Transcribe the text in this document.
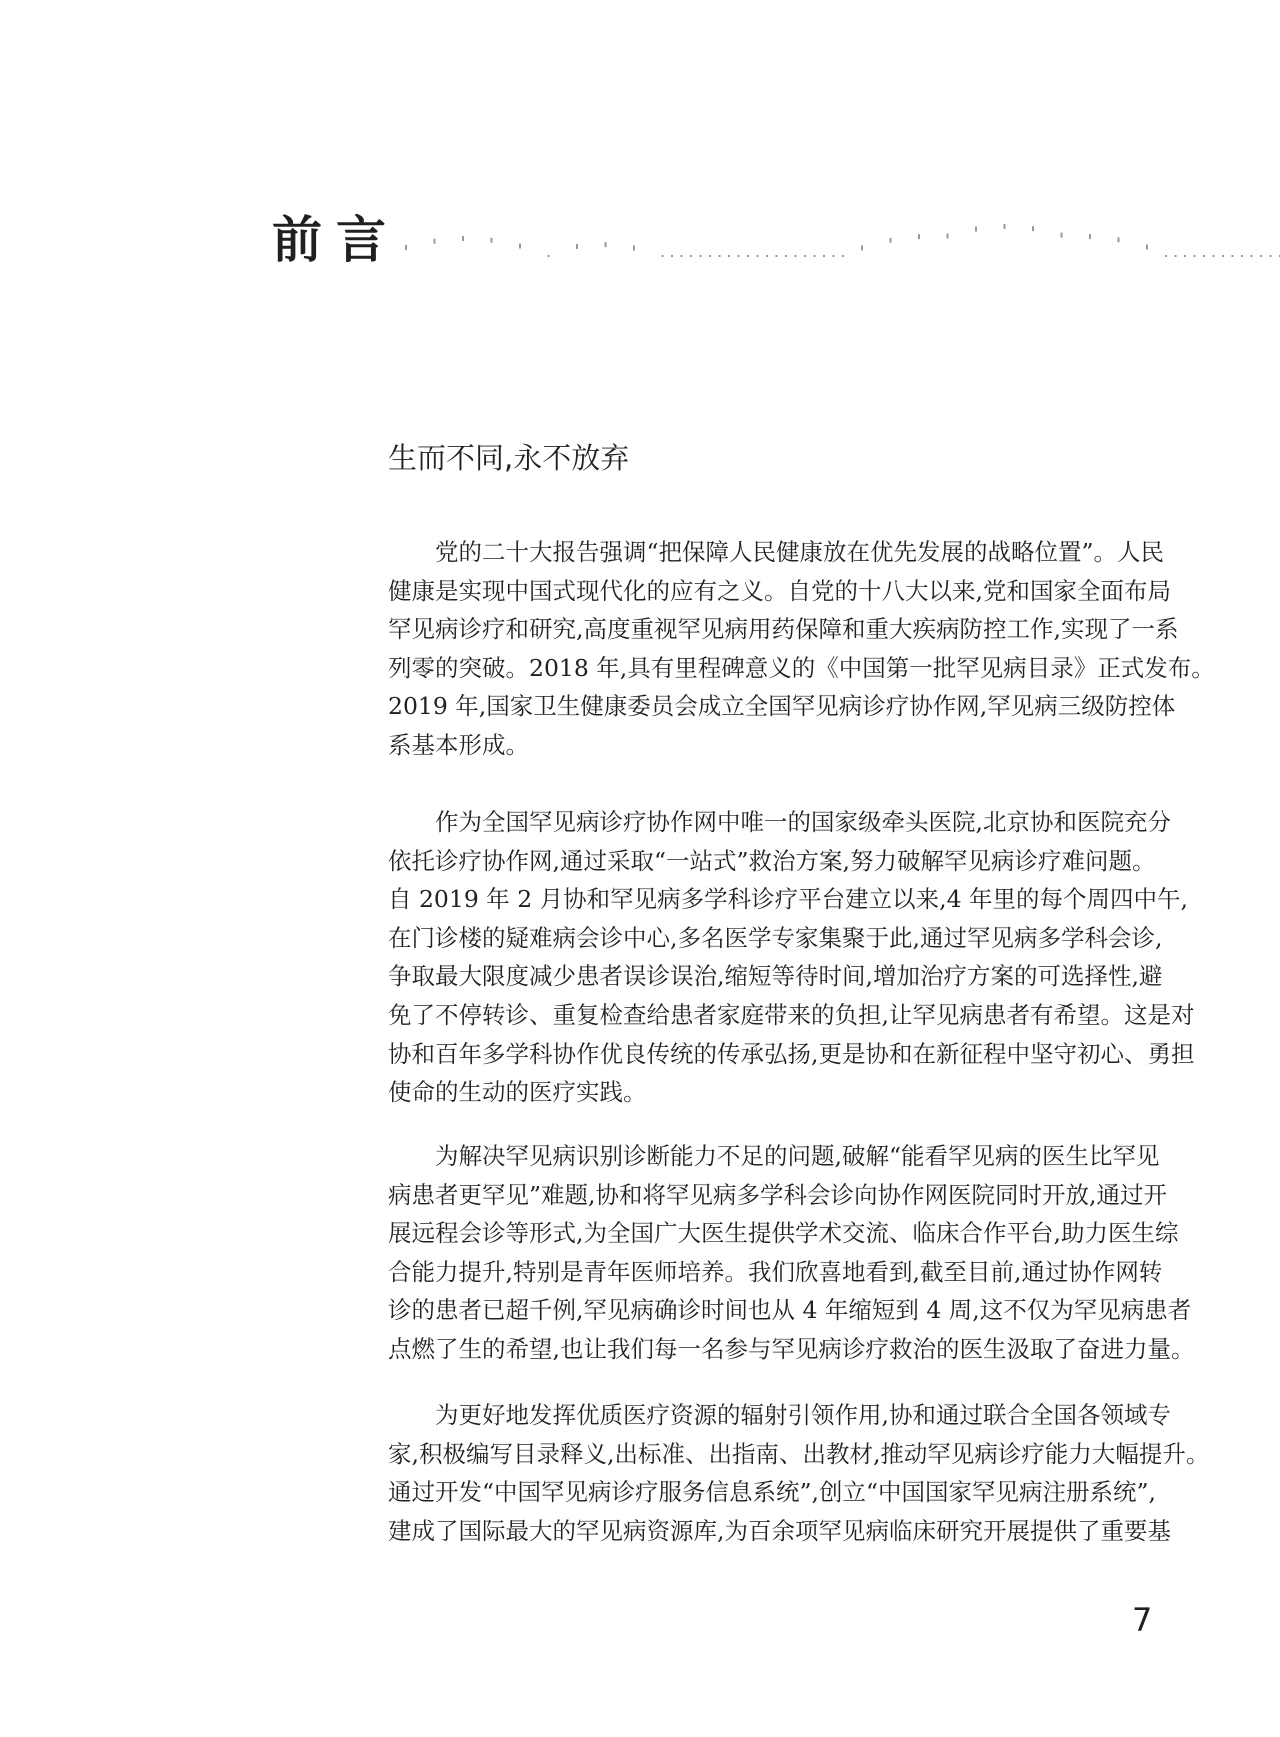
前言
生而不同,永不放弃
党的二十大报告强调“把保障人民健康放在优先发展的战略位置”。人民
健康是实现中国式现代化的应有之义。自党的十八大以来,党和国家全面布局
罕见病诊疗和研究,高度重视罕见病用药保障和重大疾病防控工作,实现了一系
列零的突破。2018 年,具有里程碑意义的《中国第一批罕见病目录》正式发布。
2019 年,国家卫生健康委员会成立全国罕见病诊疗协作网,罕见病三级防控体
系基本形成。
作为全国罕见病诊疗协作网中唯一的国家级牵头医院,北京协和医院充分
依托诊疗协作网,通过采取“一站式”救治方案,努力破解罕见病诊疗难问题。
自 2019 年 2 月协和罕见病多学科诊疗平台建立以来,4 年里的每个周四中午,
在门诊楼的疑难病会诊中心,多名医学专家集聚于此,通过罕见病多学科会诊,
争取最大限度减少患者误诊误治,缩短等待时间,增加治疗方案的可选择性,避
免了不停转诊、重复检查给患者家庭带来的负担,让罕见病患者有希望。这是对
协和百年多学科协作优良传统的传承弘扬,更是协和在新征程中坚守初心、勇担
使命的生动的医疗实践。
为解决罕见病识别诊断能力不足的问题,破解“能看罕见病的医生比罕见
病患者更罕见”难题,协和将罕见病多学科会诊向协作网医院同时开放,通过开
展远程会诊等形式,为全国广大医生提供学术交流、临床合作平台,助力医生综
合能力提升,特别是青年医师培养。我们欣喜地看到,截至目前,通过协作网转
诊的患者已超千例,罕见病确诊时间也从 4 年缩短到 4 周,这不仅为罕见病患者
点燃了生的希望,也让我们每一名参与罕见病诊疗救治的医生汲取了奋进力量。
为更好地发挥优质医疗资源的辐射引领作用,协和通过联合全国各领域专
家,积极编写目录释义,出标准、出指南、出教材,推动罕见病诊疗能力大幅提升。
通过开发“中国罕见病诊疗服务信息系统”,创立“中国国家罕见病注册系统”,
建成了国际最大的罕见病资源库,为百余项罕见病临床研究开展提供了重要基
7
